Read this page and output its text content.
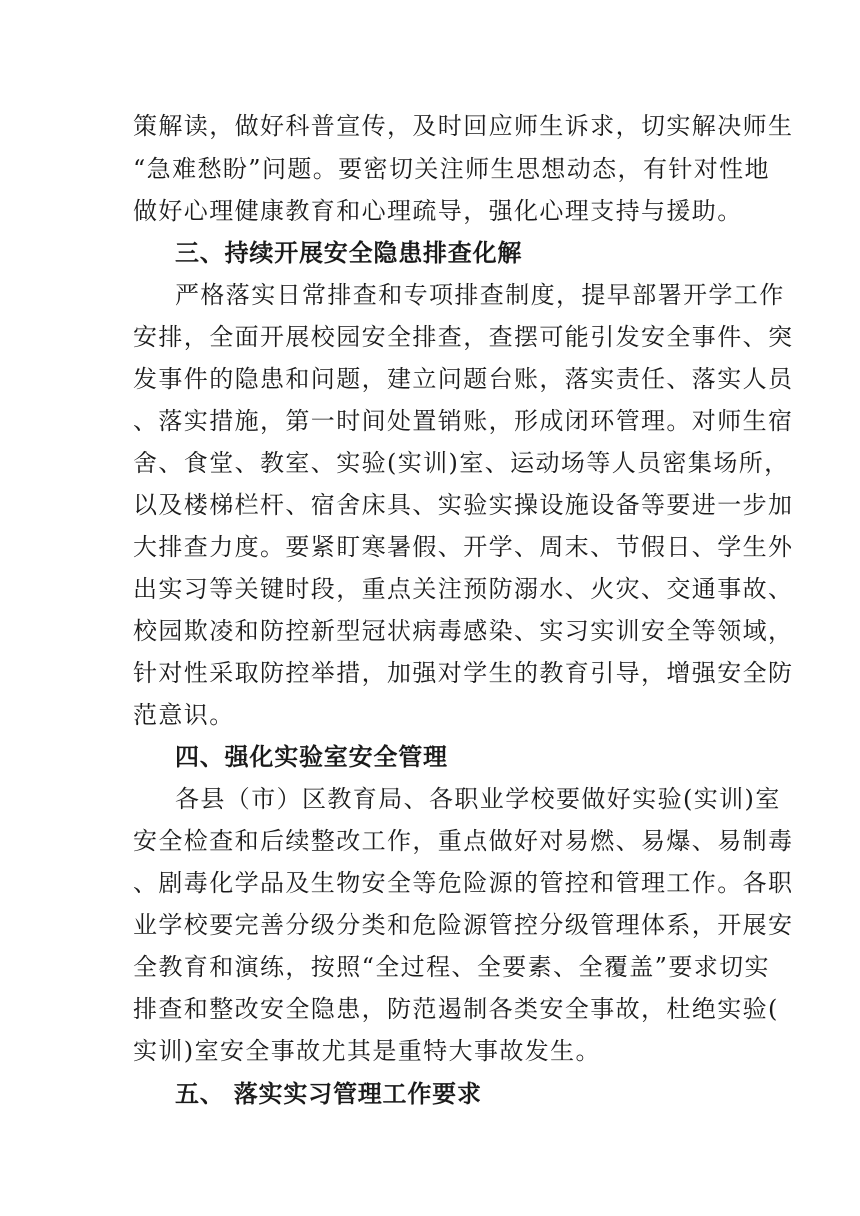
策解读，做好科普宣传，及时回应师生诉求，切实解决师生
“急难愁盼”问题。要密切关注师生思想动态，有针对性地
做好心理健康教育和心理疏导，强化心理支持与援助。
三、持续开展安全隐患排查化解
严格落实日常排查和专项排查制度，提早部署开学工作
安排，全面开展校园安全排查，查摆可能引发安全事件、突
发事件的隐患和问题，建立问题台账，落实责任、落实人员
、落实措施，第一时间处置销账，形成闭环管理。对师生宿
舍、食堂、教室、实验(实训)室、运动场等人员密集场所，
以及楼梯栏杆、宿舍床具、实验实操设施设备等要进一步加
大排查力度。要紧盯寒暑假、开学、周末、节假日、学生外
出实习等关键时段，重点关注预防溺水、火灾、交通事故、
校园欺凌和防控新型冠状病毒感染、实习实训安全等领域，
针对性采取防控举措，加强对学生的教育引导，增强安全防
范意识。
四、强化实验室安全管理
各县（市）区教育局、各职业学校要做好实验(实训)室
安全检查和后续整改工作，重点做好对易燃、易爆、易制毒
、剧毒化学品及生物安全等危险源的管控和管理工作。各职
业学校要完善分级分类和危险源管控分级管理体系，开展安
全教育和演练，按照“全过程、全要素、全覆盖”要求切实
排查和整改安全隐患，防范遏制各类安全事故，杜绝实验(
实训)室安全事故尤其是重特大事故发生。
五、 落实实习管理工作要求
